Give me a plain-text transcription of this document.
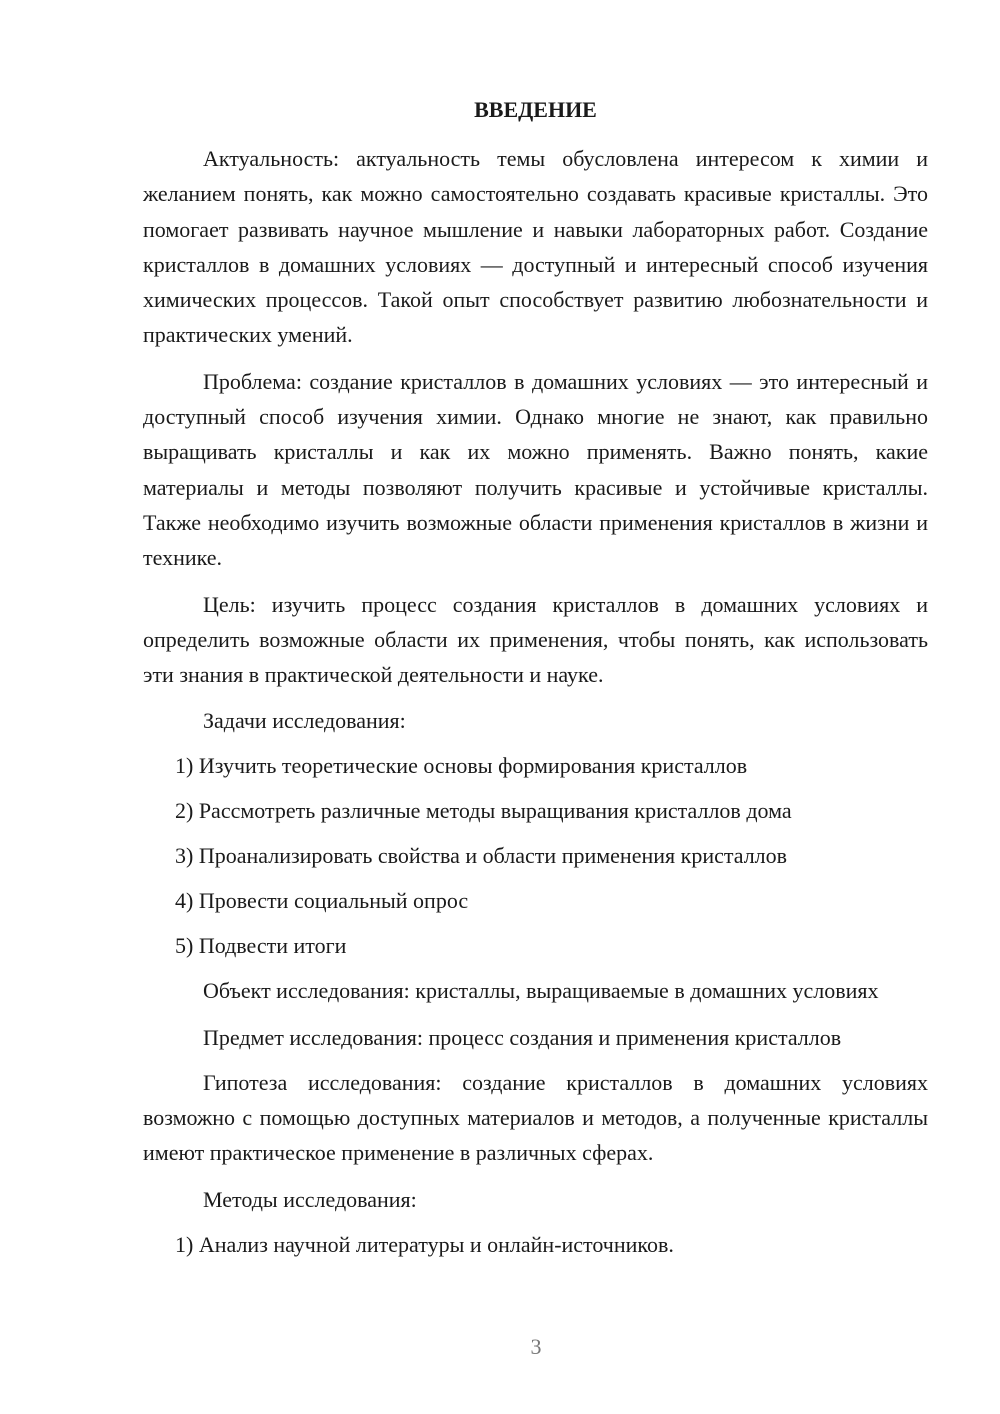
ВВЕДЕНИЕ

Актуальность: актуальность темы обусловлена интересом к химии и желанием понять, как можно самостоятельно создавать красивые кристаллы. Это помогает развивать научное мышление и навыки лабораторных работ. Создание кристаллов в домашних условиях — доступный и интересный способ изучения химических процессов. Такой опыт способствует развитию любознательности и практических умений.

Проблема: создание кристаллов в домашних условиях — это интересный и доступный способ изучения химии. Однако многие не знают, как правильно выращивать кристаллы и как их можно применять. Важно понять, какие материалы и методы позволяют получить красивые и устойчивые кристаллы. Также необходимо изучить возможные области применения кристаллов в жизни и технике.

Цель: изучить процесс создания кристаллов в домашних условиях и определить возможные области их применения, чтобы понять, как использовать эти знания в практической деятельности и науке.

Задачи исследования:

1) Изучить теоретические основы формирования кристаллов

2) Рассмотреть различные методы выращивания кристаллов дома

3) Проанализировать свойства и области применения кристаллов

4) Провести социальный опрос

5) Подвести итоги

Объект исследования: кристаллы, выращиваемые в домашних условиях

Предмет исследования: процесс создания и применения кристаллов

Гипотеза исследования: создание кристаллов в домашних условиях возможно с помощью доступных материалов и методов, а полученные кристаллы имеют практическое применение в различных сферах.

Методы исследования:

1) Анализ научной литературы и онлайн-источников.

3
